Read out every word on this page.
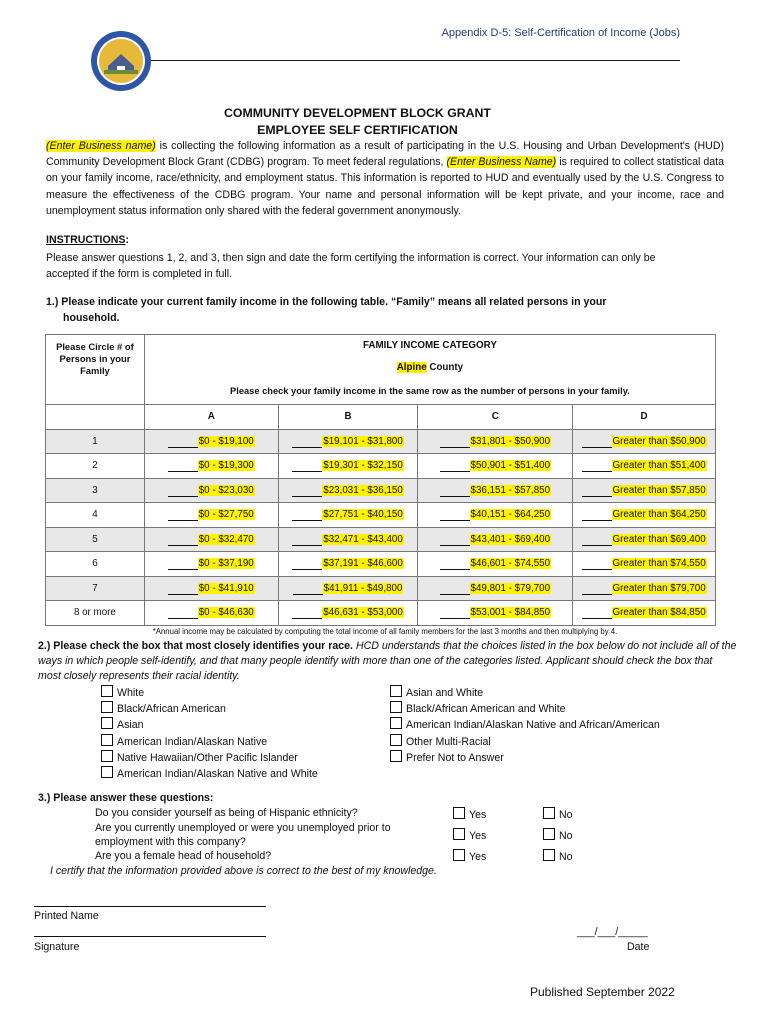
Appendix D-5: Self-Certification of Income (Jobs)
COMMUNITY DEVELOPMENT BLOCK GRANT
EMPLOYEE SELF CERTIFICATION
(Enter Business name) is collecting the following information as a result of participating in the U.S. Housing and Urban Development's (HUD) Community Development Block Grant (CDBG) program. To meet federal regulations, (Enter Business Name) is required to collect statistical data on your family income, race/ethnicity, and employment status. This information is reported to HUD and eventually used by the U.S. Congress to measure the effectiveness of the CDBG program. Your name and personal information will be kept private, and your income, race and unemployment status information only shared with the federal government anonymously.
INSTRUCTIONS:
Please answer questions 1, 2, and 3, then sign and date the form certifying the information is correct. Your information can only be accepted if the form is completed in full.
1.) Please indicate your current family income in the following table. “Family” means all related persons in your
household.
Please Circle # of Persons in your Family	FAMILY INCOME CATEGORY			
	Alpine County			
	Please check your family income in the same row as the number of persons in your family.			
	A	B	C	D
1	$0 - $19,100	$19,101 - $31,800	$31,801 - $50,900	Greater than $50,900

2	$0 - $19,300	$19,301 - $32,150	$50,901 - $51,400	Greater than $51,400

3	$0 - $23,030	$23,031 - $36,150	$36,151 - $57,850	Greater than $57,850

4	$0 - $27,750	$27,751 - $40,150	$40,151 - $64,250	Greater than $64,250

5	$0 - $32,470	$32,471 - $43,400	$43,401 - $69,400	Greater than $69,400

6	$0 - $37,190	$37,191 - $46,600	$46,601 - $74,550	Greater than $74,550

7	$0 - $41,910	$41,911 - $49,800	$49,801 - $79,700	Greater than $79,700

8 or more	$0 - $46,630	$46,631 - $53,000	$53,001 - $84,850	Greater than $84,850
*Annual income may be calculated by computing the total income of all family members for the last 3 months and then multiplying by 4.
2.) Please check the box that most closely identifies your race. HCD understands that the choices listed in the box below do not include all of the ways in which people self-identify, and that many people identify with more than one of the categories listed. Applicant should check the box that most closely represents their racial identity.
White
Black/African American
Asian
American Indian/Alaskan Native
Native Hawaiian/Other Pacific Islander
American Indian/Alaskan Native and White
Asian and White
Black/African American and White
American Indian/Alaskan Native and African/American
Other Multi-Racial
Prefer Not to Answer
3.) Please answer these questions:
Do you consider yourself as being of Hispanic ethnicity?
Are you currently unemployed or were you unemployed prior to
employment with this company?
Are you a female head of household?
Yes	No
Yes	No
Yes	No
I certify that the information provided above is correct to the best of my knowledge.
Printed Name
Signature
___/___/_____
Date
Published September 2022
